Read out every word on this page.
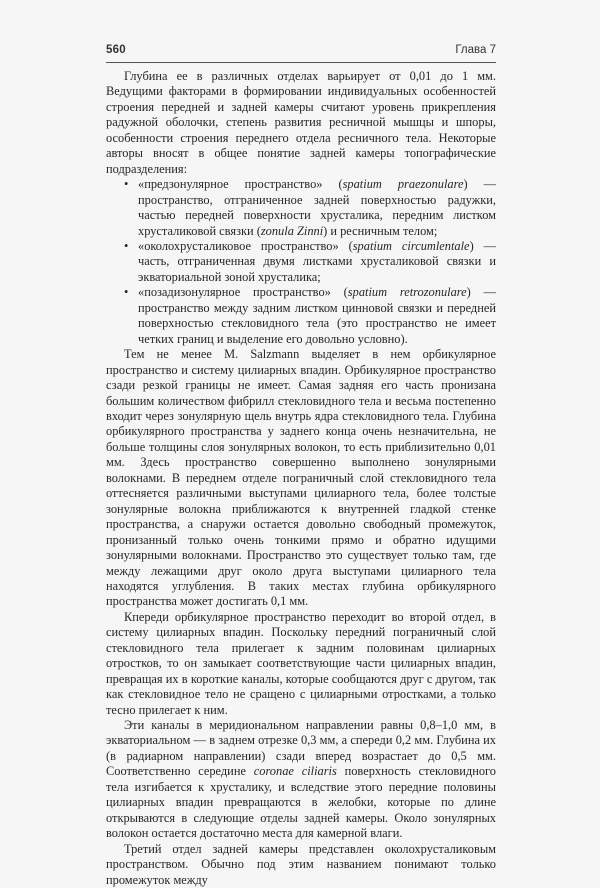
560	Глава 7

Глубина ее в различных отделах варьирует от 0,01 до 1 мм. Ведущими факторами в формировании индивидуальных особенностей строения передней и задней камеры считают уровень прикрепления радужной оболочки, степень развития ресничной мышцы и шпоры, особенности строения переднего отдела ресничного тела. Некоторые авторы вносят в общее понятие задней камеры топографические подразделения:

• «предзонулярное пространство» (spatium praezonulare) — пространство, отграниченное задней поверхностью радужки, частью передней поверхности хрусталика, передним листком хрусталиковой связки (zonula Zinni) и ресничным телом;
• «околохрусталиковое пространство» (spatium circumlentale) — часть, отграниченная двумя листками хрусталиковой связки и экваториальной зоной хрусталика;
• «позадизонулярное пространство» (spatium retrozonulare) — пространство между задним листком цинновой связки и передней поверхностью стекловидного тела (это пространство не имеет четких границ и выделение его довольно условно).

Тем не менее M. Salzmann выделяет в нем орбикулярное пространство и систему цилиарных впадин. Орбикулярное пространство сзади резкой границы не имеет. Самая задняя его часть пронизана большим количеством фибрилл стекловидного тела и весьма постепенно входит через зонулярную щель внутрь ядра стекловидного тела. Глубина орбикулярного пространства у заднего конца очень незначительна, не больше толщины слоя зонулярных волокон, то есть приблизительно 0,01 мм. Здесь пространство совершенно выполнено зонулярными волокнами. В переднем отделе пограничный слой стекловидного тела оттесняется различными выступами цилиарного тела, более толстые зонулярные волокна приближаются к внутренней гладкой стенке пространства, а снаружи остается довольно свободный промежуток, пронизанный только очень тонкими прямо и обратно идущими зонулярными волокнами. Пространство это существует только там, где между лежащими друг около друга выступами цилиарного тела находятся углубления. В таких местах глубина орбикулярного пространства может достигать 0,1 мм.

Кпереди орбикулярное пространство переходит во второй отдел, в систему цилиарных впадин. Поскольку передний пограничный слой стекловидного тела прилегает к задним половинам цилиарных отростков, то он замыкает соответствующие части цилиарных впадин, превращая их в короткие каналы, которые сообщаются друг с другом, так как стекловидное тело не сращено с цилиарными отростками, а только тесно прилегает к ним.

Эти каналы в меридиональном направлении равны 0,8–1,0 мм, в экваториальном — в заднем отрезке 0,3 мм, а спереди 0,2 мм. Глубина их (в радиарном направлении) сзади вперед возрастает до 0,5 мм. Соответственно середине coronae ciliaris поверхность стекловидного тела изгибается к хрусталику, и вследствие этого передние половины цилиарных впадин превращаются в желобки, которые по длине открываются в следующие отделы задней камеры. Около зонулярных волокон остается достаточно места для камерной влаги.

Третий отдел задней камеры представлен околохрусталиковым пространством. Обычно под этим названием понимают только промежуток между
